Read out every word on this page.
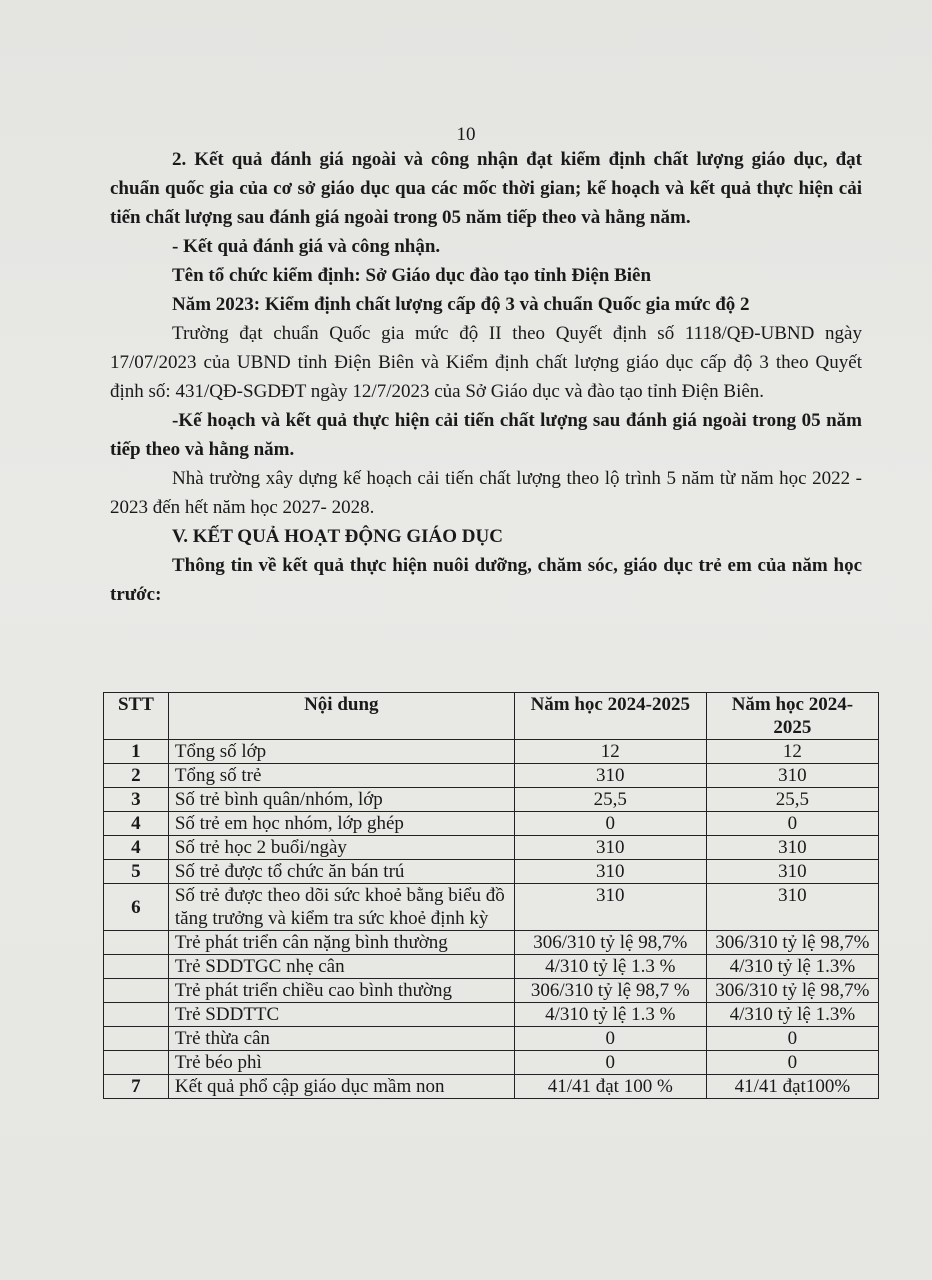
10

2. Kết quả đánh giá ngoài và công nhận đạt kiểm định chất lượng giáo dục, đạt chuẩn quốc gia của cơ sở giáo dục qua các mốc thời gian; kế hoạch và kết quả thực hiện cải tiến chất lượng sau đánh giá ngoài trong 05 năm tiếp theo và hằng năm.

- Kết quả đánh giá và công nhận.

Tên tổ chức kiểm định: Sở Giáo dục đào tạo tỉnh Điện Biên

Năm 2023: Kiểm định chất lượng cấp độ 3 và chuẩn Quốc gia mức độ 2

Trường đạt chuẩn Quốc gia mức độ II theo Quyết định số 1118/QĐ-UBND ngày 17/07/2023 của UBND tỉnh Điện Biên và Kiểm định chất lượng giáo dục cấp độ 3 theo Quyết định số: 431/QĐ-SGDĐT ngày 12/7/2023 của Sở Giáo dục và đào tạo tỉnh Điện Biên.

-Kế hoạch và kết quả thực hiện cải tiến chất lượng sau đánh giá ngoài trong 05 năm tiếp theo và hằng năm.

Nhà trường xây dựng kế hoạch cải tiến chất lượng theo lộ trình 5 năm từ năm học 2022 - 2023 đến hết năm học 2027- 2028.

V. KẾT QUẢ HOẠT ĐỘNG GIÁO DỤC

Thông tin về kết quả thực hiện nuôi dưỡng, chăm sóc, giáo dục trẻ em của năm học trước:

STT	Nội dung	Năm học 2024-2025	Năm học 2024-2025
1	Tổng số lớp	12	12
2	Tổng số trẻ	310	310
3	Số trẻ bình quân/nhóm, lớp	25,5	25,5
4	Số trẻ em học nhóm, lớp ghép	0	0
4	Số trẻ học 2 buổi/ngày	310	310
5	Số trẻ được tổ chức ăn bán trú	310	310
6	Số trẻ được theo dõi sức khoẻ bằng biểu đồ tăng trưởng và kiểm tra sức khoẻ định kỳ	310	310
	Trẻ phát triển cân nặng bình thường	306/310 tỷ lệ 98,7%	306/310 tỷ lệ 98,7%
	Trẻ SDDTGC nhẹ cân	4/310 tỷ lệ 1.3 %	4/310 tỷ lệ 1.3%
	Trẻ phát triển chiều cao bình thường	306/310 tỷ lệ 98,7 %	306/310 tỷ lệ 98,7%
	Trẻ SDDTTC	4/310 tỷ lệ 1.3 %	4/310 tỷ lệ 1.3%
	Trẻ thừa cân	0	0
	Trẻ béo phì	0	0
7	Kết quả phổ cập giáo dục mầm non	41/41 đạt 100 %	41/41 đạt100%
